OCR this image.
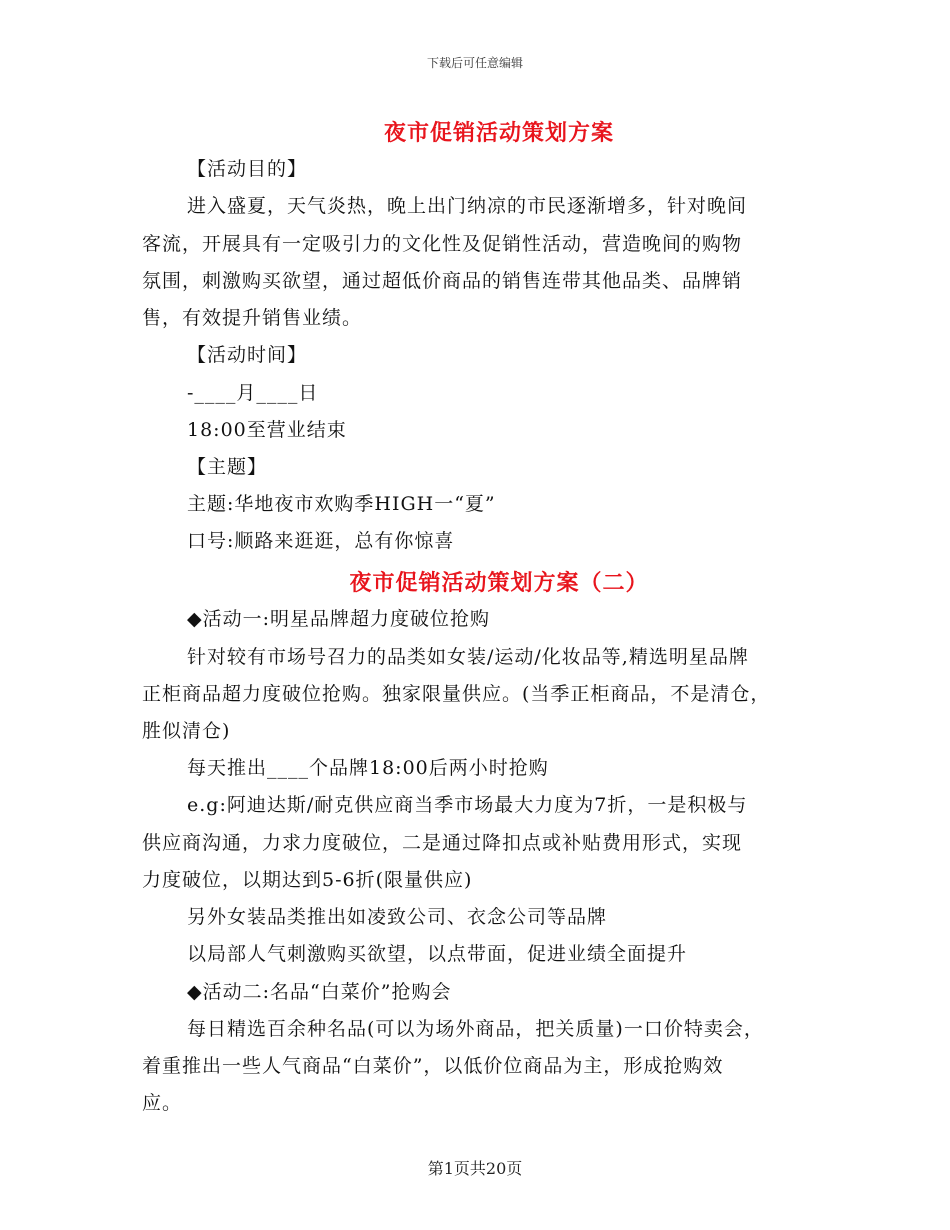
下载后可任意编辑
夜市促销活动策划方案
【活动目的】
进入盛夏，天气炎热，晚上出门纳凉的市民逐渐增多，针对晚间
客流，开展具有一定吸引力的文化性及促销性活动，营造晚间的购物
氛围，刺激购买欲望，通过超低价商品的销售连带其他品类、品牌销
售，有效提升销售业绩。
【活动时间】
-____月____日
18:00至营业结束
【主题】
主题:华地夜市欢购季HIGH一“夏”
口号:顺路来逛逛，总有你惊喜
夜市促销活动策划方案（二）
◆活动一:明星品牌超力度破位抢购
针对较有市场号召力的品类如女装/运动/化妆品等,精选明星品牌
正柜商品超力度破位抢购。独家限量供应。(当季正柜商品，不是清仓，
胜似清仓)
每天推出____个品牌18:00后两小时抢购
e.g:阿迪达斯/耐克供应商当季市场最大力度为7折，一是积极与
供应商沟通，力求力度破位，二是通过降扣点或补贴费用形式，实现
力度破位，以期达到5-6折(限量供应)
另外女装品类推出如凌致公司、衣念公司等品牌
以局部人气刺激购买欲望，以点带面，促进业绩全面提升
◆活动二:名品“白菜价”抢购会
每日精选百余种名品(可以为场外商品，把关质量)一口价特卖会，
着重推出一些人气商品“白菜价”，以低价位商品为主，形成抢购效
应。
第1页共20页
